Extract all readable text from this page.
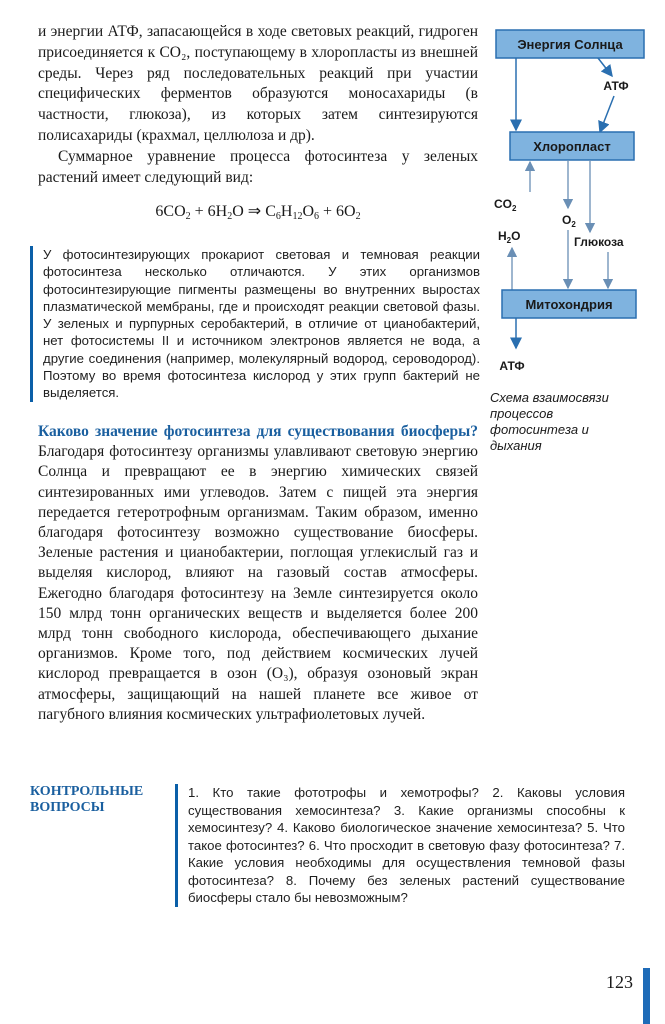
и энергии АТФ, запасающейся в ходе световых реакций, гидроген присоединяется к CO₂, поступающему в хлоропласты из внешней среды. Через ряд последовательных реакций при участии специфических ферментов образуются моносахариды (в частности, глюкоза), из которых затем синтезируются полисахариды (крахмал, целлюлоза и др).

Суммарное уравнение процесса фотосинтеза у зеленых растений имеет следующий вид:

$6CO_2 + 6H_2O$ ⇒ $C_6H_{12}O_6 + 6O_2$
У фотосинтезирующих прокариот световая и темновая реакции фотосинтеза несколько отличаются. У этих организмов фотосинтезирующие пигменты размещены во внутренних выростах плазматической мембраны, где и происходят реакции световой фазы. У зеленых и пурпурных серобактерий, в отличие от цианобактерий, нет фотосистемы II и источником электронов является не вода, а другие соединения (например, молекулярный водород, сероводород). Поэтому во время фотосинтеза кислород у этих групп бактерий не выделяется.
Каково значение фотосинтеза для существования биосферы? Благодаря фотосинтезу организмы улавливают световую энергию Солнца и превращают ее в энергию химических связей синтезированных ими углеводов. Затем с пищей эта энергия передается гетеротрофным организмам. Таким образом, именно благодаря фотосинтезу возможно существование биосферы. Зеленые растения и цианобактерии, поглощая углекислый газ и выделяя кислород, влияют на газовый состав атмосферы. Ежегодно благодаря фотосинтезу на Земле синтезируется около 150 млрд тонн органических веществ и выделяется более 200 млрд тонн свободного кислорода, обеспечивающего дыхание организмов. Кроме того, под действием космических лучей кислород превращается в озон (O₃), образуя озоновый экран атмосферы, защищающий на нашей планете все живое от пагубного влияния космических ультрафиолетовых лучей.
Энергия Солнца
АТФ
Хлоропласт
$CO_2$
$H_2O$
$O_2$
Глюкоза
Митохондрия
АТФ
Схема взаимосвязи процессов фотосинтеза и дыхания
КОНТРОЛЬНЫЕ ВОПРОСЫ
1. Кто такие фототрофы и хемотрофы? 2. Каковы условия существования хемосинтеза? 3. Какие организмы способны к хемосинтезу? 4. Каково биологическое значение хемосинтеза? 5. Что такое фотосинтез? 6. Что просходит в световую фазу фотосинтеза? 7. Какие условия необходимы для осуществления темновой фазы фотосинтеза? 8. Почему без зеленых растений существование биосферы стало бы невозможным?
123
